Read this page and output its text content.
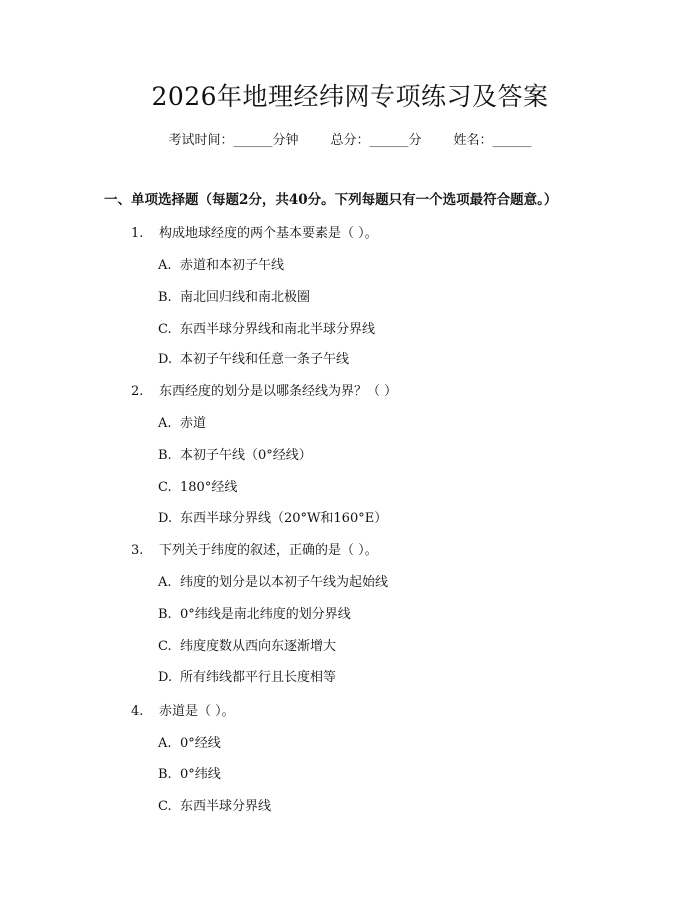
2026年地理经纬网专项练习及答案
考试时间：______分钟 总分：______分 姓名：______
一、单项选择题（每题2分，共40分。下列每题只有一个选项最符合题意。）
1. 构成地球经度的两个基本要素是（ ）。
A. 赤道和本初子午线
B. 南北回归线和南北极圈
C. 东西半球分界线和南北半球分界线
D. 本初子午线和任意一条子午线
2. 东西经度的划分是以哪条经线为界？（ ）
A. 赤道
B. 本初子午线（0°经线）
C. 180°经线
D. 东西半球分界线（20°W和160°E）
3. 下列关于纬度的叙述，正确的是（ ）。
A. 纬度的划分是以本初子午线为起始线
B. 0°纬线是南北纬度的划分界线
C. 纬度度数从西向东逐渐增大
D. 所有纬线都平行且长度相等
4. 赤道是（ ）。
A. 0°经线
B. 0°纬线
C. 东西半球分界线
